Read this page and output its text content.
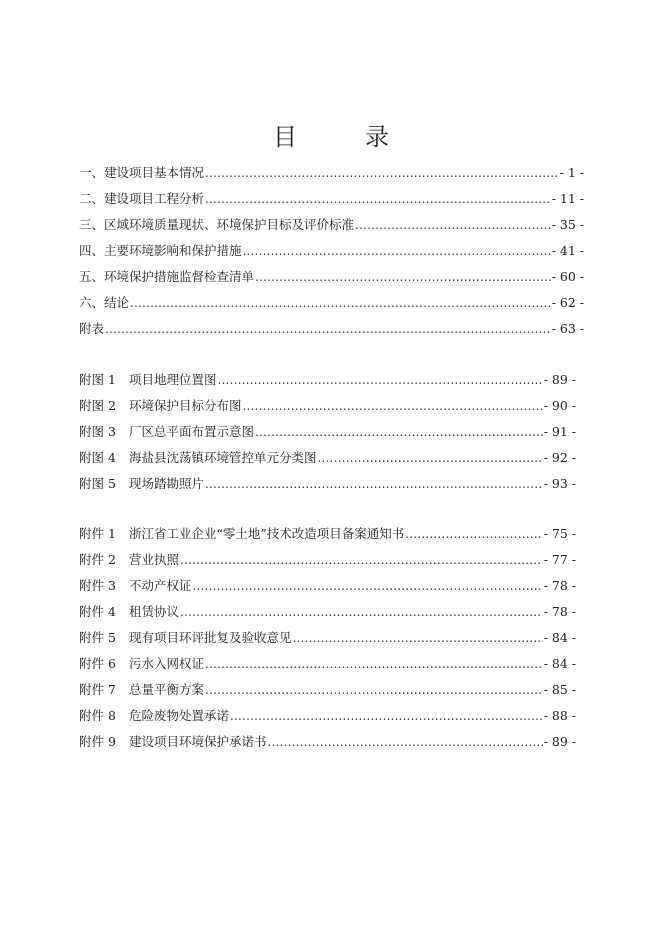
目　录
一、建设项目基本情况 .....	- 1 -
二、建设项目工程分析 .....	- 11 -
三、区域环境质量现状、环境保护目标及评价标准 .....	- 35 -
四、主要环境影响和保护措施 .....	- 41 -
五、环境保护措施监督检查清单 .....	- 60 -
六、结论 .....	- 62 -
附表 .....	- 63 -
附图 1 项目地理位置图 .....	- 89 -
附图 2 环境保护目标分布图 .....	- 90 -
附图 3 厂区总平面布置示意图 .....	- 91 -
附图 4 海盐县沈荡镇环境管控单元分类图 .....	- 92 -
附图 5 现场踏勘照片 .....	- 93 -
附件 1 浙江省工业企业“零土地”技术改造项目备案通知书 .....	- 75 -
附件 2 营业执照 .....	- 77 -
附件 3 不动产权证 .....	- 78 -
附件 4 租赁协议 .....	- 78 -
附件 5 现有项目环评批复及验收意见 .....	- 84 -
附件 6 污水入网权证 .....	- 84 -
附件 7 总量平衡方案 .....	- 85 -
附件 8 危险废物处置承诺 .....	- 88 -
附件 9 建设项目环境保护承诺书 .....	- 89 -
